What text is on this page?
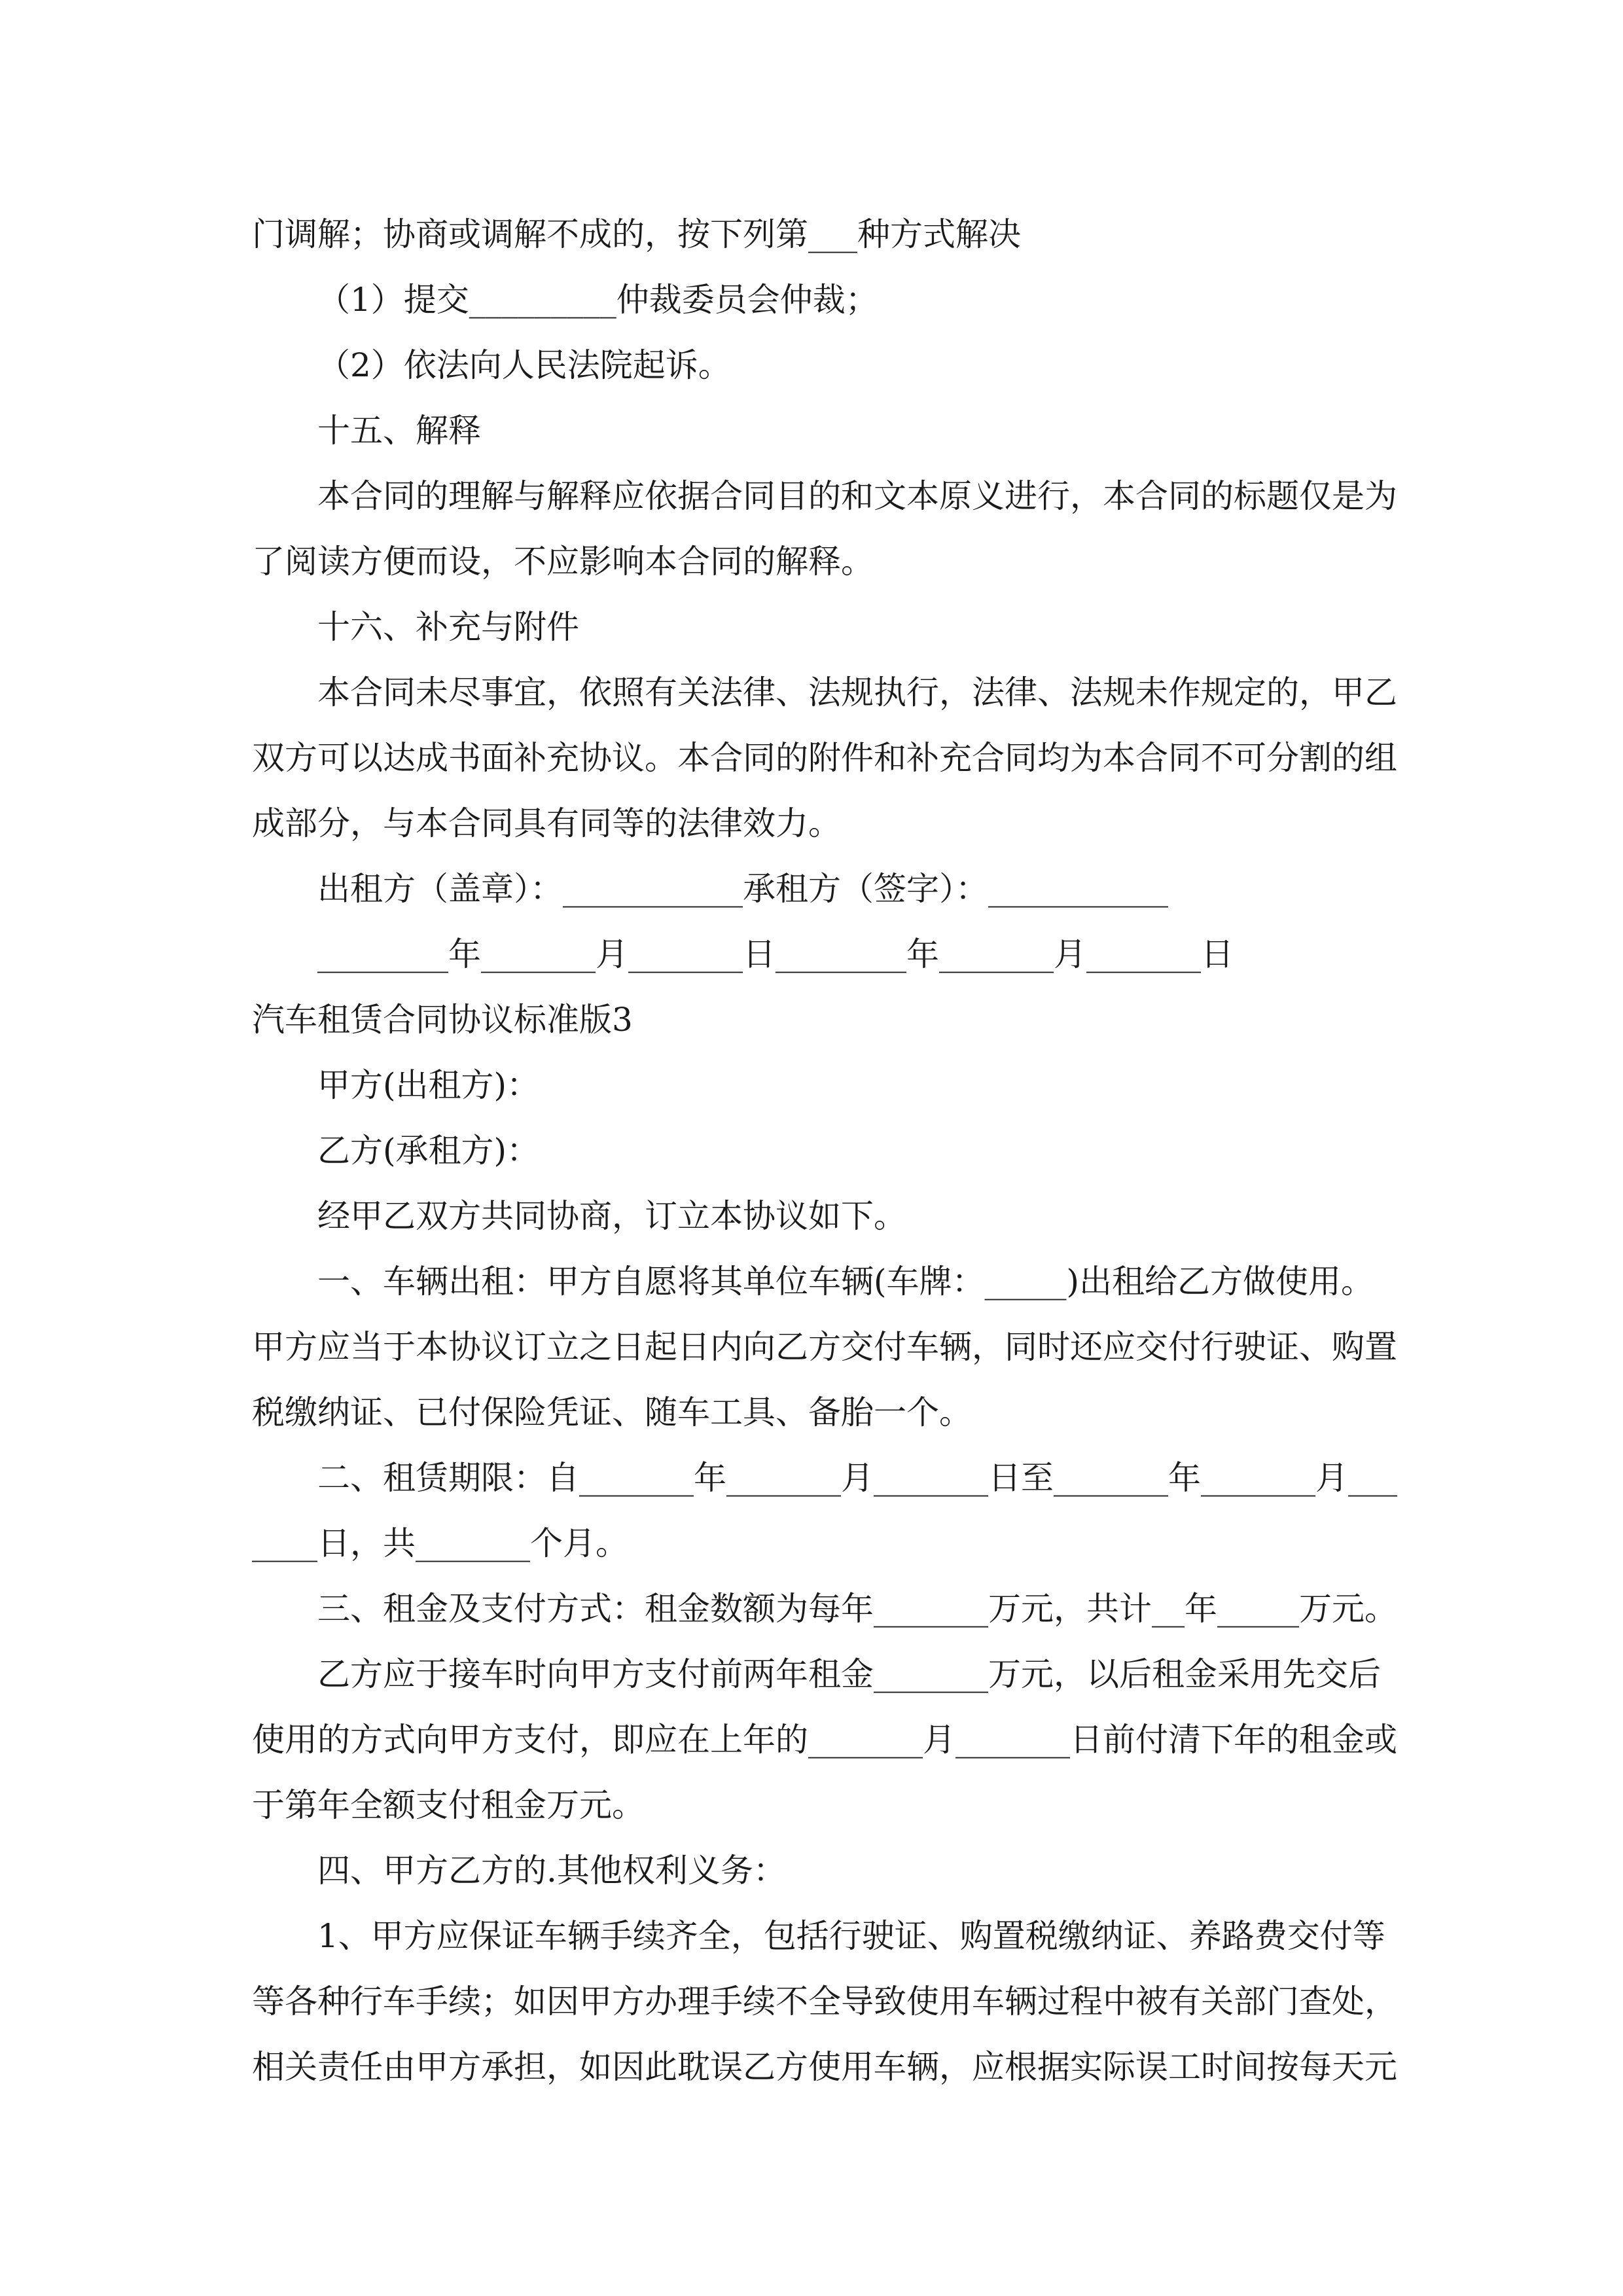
门调解；协商或调解不成的，按下列第___种方式解决

（1）提交_________仲裁委员会仲裁；

（2）依法向人民法院起诉。

十五、解释

本合同的理解与解释应依据合同目的和文本原义进行，本合同的标题仅是为了阅读方便而设，不应影响本合同的解释。

十六、补充与附件

本合同未尽事宜，依照有关法律、法规执行，法律、法规未作规定的，甲乙双方可以达成书面补充协议。本合同的附件和补充合同均为本合同不可分割的组成部分，与本合同具有同等的法律效力。

出租方（盖章）：___________承租方（签字）：___________

________年_______月_______日________年_______月_______日

汽车租赁合同协议标准版3

甲方(出租方)：

乙方(承租方)：

经甲乙双方共同协商，订立本协议如下。

一、车辆出租：甲方自愿将其单位车辆(车牌：_____)出租给乙方做使用。甲方应当于本协议订立之日起日内向乙方交付车辆，同时还应交付行驶证、购置税缴纳证、已付保险凭证、随车工具、备胎一个。

二、租赁期限：自_______年_______月_______日至_______年_______月_______日，共_______个月。

三、租金及支付方式：租金数额为每年_______万元，共计__年_____万元。

乙方应于接车时向甲方支付前两年租金_______万元，以后租金采用先交后使用的方式向甲方支付，即应在上年的_______月_______日前付清下年的租金或于第年全额支付租金万元。

四、甲方乙方的.其他权利义务：

1、甲方应保证车辆手续齐全，包括行驶证、购置税缴纳证、养路费交付等等各种行车手续；如因甲方办理手续不全导致使用车辆过程中被有关部门查处，相关责任由甲方承担，如因此耽误乙方使用车辆，应根据实际误工时间按每天元
